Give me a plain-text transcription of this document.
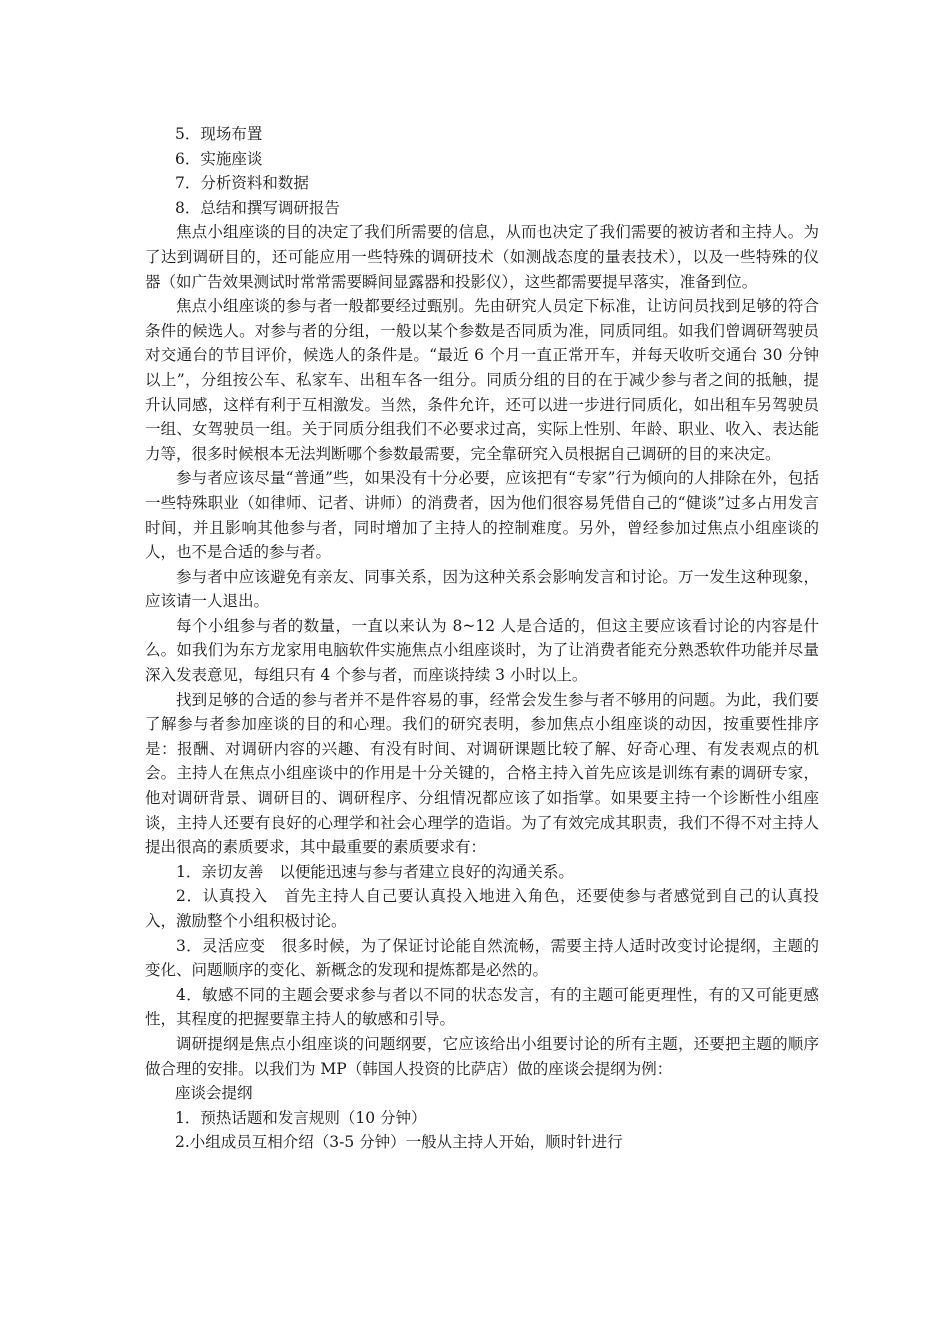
5．现场布置
6．实施座谈
7．分析资料和数据
8．总结和撰写调研报告

焦点小组座谈的目的决定了我们所需要的信息，从而也决定了我们需要的被访者和主持人。为了达到调研目的，还可能应用一些特殊的调研技术（如测战态度的量表技术），以及一些特殊的仪器（如广告效果测试时常常需要瞬间显露器和投影仪），这些都需要提早落实，准备到位。

焦点小组座谈的参与者一般都要经过甄别。先由研究人员定下标准，让访问员找到足够的符合条件的候选人。对参与者的分组，一般以某个参数是否同质为准，同质同组。如我们曾调研驾驶员对交通台的节目评价，候选人的条件是。“最近 6 个月一直正常开车，并每天收听交通台 30 分钟以上”，分组按公车、私家车、出租车各一组分。同质分组的目的在于减少参与者之间的抵触，提升认同感，这样有利于互相激发。当然，条件允许，还可以进一步进行同质化，如出租车另驾驶员一组、女驾驶员一组。关于同质分组我们不必要求过高，实际上性别、年龄、职业、收入、表达能力等，很多时候根本无法判断哪个参数最需要，完全靠研究入员根据自己调研的目的来决定。

参与者应该尽量“普通”些，如果没有十分必要，应该把有“专家”行为倾向的人排除在外，包括一些特殊职业（如律师、记者、讲师）的消费者，因为他们很容易凭借自己的“健谈”过多占用发言时间，并且影响其他参与者，同时增加了主持人的控制难度。另外，曾经参加过焦点小组座谈的人，也不是合适的参与者。

参与者中应该避免有亲友、同事关系，因为这种关系会影响发言和讨论。万一发生这种现象，应该请一人退出。

每个小组参与者的数量，一直以来认为 8~12 人是合适的，但这主要应该看讨论的内容是什么。如我们为东方龙家用电脑软件实施焦点小组座谈时，为了让消费者能充分熟悉软件功能并尽量深入发表意见，每组只有 4 个参与者，而座谈持续 3 小时以上。

找到足够的合适的参与者并不是件容易的事，经常会发生参与者不够用的问题。为此，我们要了解参与者参加座谈的目的和心理。我们的研究表明，参加焦点小组座谈的动因，按重要性排序是：报酬、对调研内容的兴趣、有没有时间、对调研课题比较了解、好奇心理、有发表观点的机会。主持人在焦点小组座谈中的作用是十分关键的，合格主持入首先应该是训练有素的调研专家，他对调研背景、调研目的、调研程序、分组情况都应该了如指掌。如果要主持一个诊断性小组座谈，主持人还要有良好的心理学和社会心理学的造诣。为了有效完成其职责，我们不得不对主持人提出很高的素质要求，其中最重要的素质要求有：

1．亲切友善 以便能迅速与参与者建立良好的沟通关系。

2．认真投入 首先主持人自己要认真投入地进入角色，还要使参与者感觉到自己的认真投入，激励整个小组积极讨论。

3．灵活应变 很多时候，为了保证讨论能自然流畅，需要主持人适时改变讨论提纲，主题的变化、问题顺序的变化、新概念的发现和提炼都是必然的。

4．敏感不同的主题会要求参与者以不同的状态发言，有的主题可能更理性，有的又可能更感性，其程度的把握要靠主持人的敏感和引导。

调研提纲是焦点小组座谈的问题纲要，它应该给出小组要讨论的所有主题，还要把主题的顺序做合理的安排。以我们为 MP（韩国人投资的比萨店）做的座谈会提纲为例：

座谈会提纲
1．预热话题和发言规则（10 分钟）
2.小组成员互相介绍（3-5 分钟）一般从主持人开始，顺时针进行
